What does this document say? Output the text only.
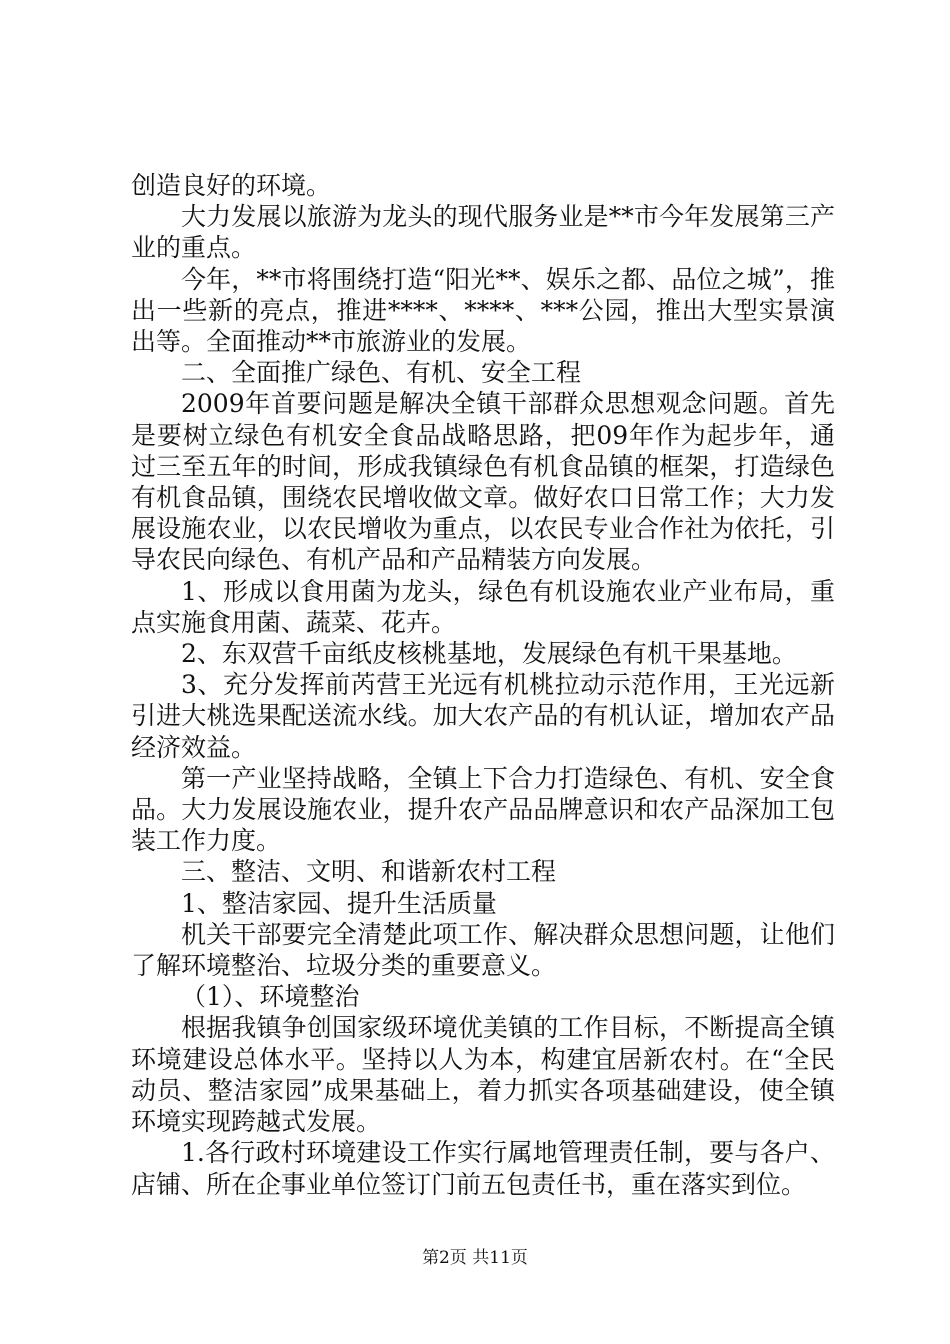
创造良好的环境。

大力发展以旅游为龙头的现代服务业是**市今年发展第三产业的重点。

今年，**市将围绕打造“阳光**、娱乐之都、品位之城”，推出一些新的亮点，推进****、****、***公园，推出大型实景演出等。全面推动**市旅游业的发展。

二、全面推广绿色、有机、安全工程

2009年首要问题是解决全镇干部群众思想观念问题。首先是要树立绿色有机安全食品战略思路，把09年作为起步年，通过三至五年的时间，形成我镇绿色有机食品镇的框架，打造绿色有机食品镇，围绕农民增收做文章。做好农口日常工作；大力发展设施农业，以农民增收为重点，以农民专业合作社为依托，引导农民向绿色、有机产品和产品精装方向发展。

1、形成以食用菌为龙头，绿色有机设施农业产业布局，重点实施食用菌、蔬菜、花卉。

2、东双营千亩纸皮核桃基地，发展绿色有机干果基地。

3、充分发挥前芮营王光远有机桃拉动示范作用，王光远新引进大桃选果配送流水线。加大农产品的有机认证，增加农产品经济效益。

第一产业坚持战略，全镇上下合力打造绿色、有机、安全食品。大力发展设施农业，提升农产品品牌意识和农产品深加工包装工作力度。

三、整洁、文明、和谐新农村工程

1、整洁家园、提升生活质量

机关干部要完全清楚此项工作、解决群众思想问题，让他们了解环境整治、垃圾分类的重要意义。

（1）、环境整治

根据我镇争创国家级环境优美镇的工作目标，不断提高全镇环境建设总体水平。坚持以人为本，构建宜居新农村。在“全民动员、整洁家园”成果基础上，着力抓实各项基础建设，使全镇环境实现跨越式发展。

1.各行政村环境建设工作实行属地管理责任制，要与各户、店铺、所在企事业单位签订门前五包责任书，重在落实到位。

第2页 共11页
